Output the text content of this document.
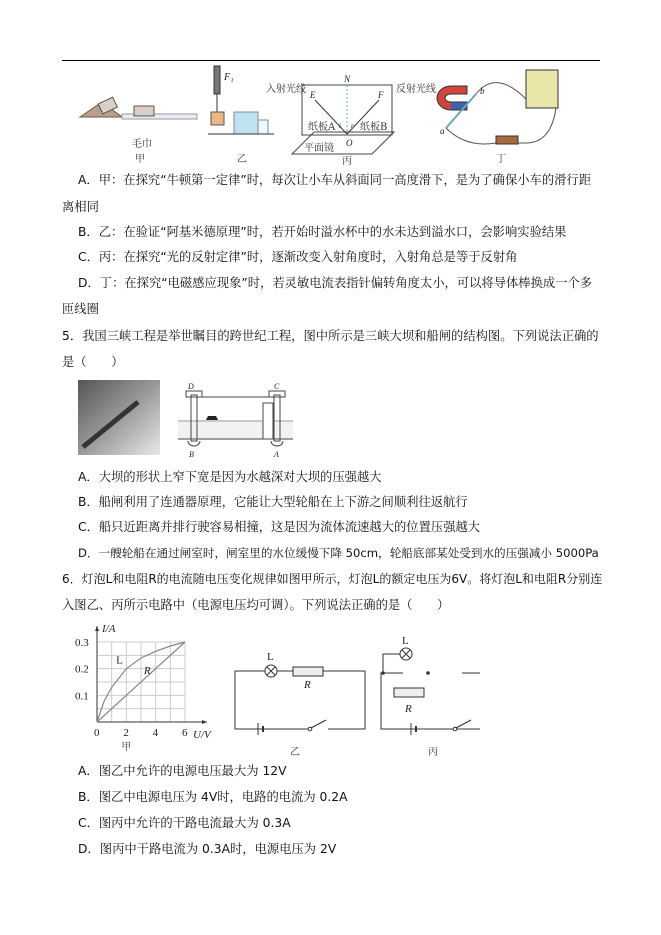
毛巾
甲
F₁
乙
N
E	F
O
i r
入射光线	反射光线
纸板A 纸板B
平面镜
丙
a
b
丁
A．甲：在探究“牛顿第一定律”时，每次让小车从斜面同一高度滑下，是为了确保小车的滑行距
离相同
B．乙：在验证“阿基米德原理”时，若开始时溢水杯中的水未达到溢水口，会影响实验结果
C．丙：在探究“光的反射定律”时，逐渐改变入射角度时，入射角总是等于反射角
D．丁：在探究“电磁感应现象”时，若灵敏电流表指针偏转角度太小，可以将导体棒换成一个多
匝线圈
5．我国三峡工程是举世瞩目的跨世纪工程，图中所示是三峡大坝和船闸的结构图。下列说法正确的
是（　　）
D	C
B	A
A．大坝的形状上窄下宽是因为水越深对大坝的压强越大
B．船闸利用了连通器原理，它能让大型轮船在上下游之间顺利往返航行
C．船只近距离并排行驶容易相撞，这是因为流体流速越大的位置压强越大
D．一艘轮船在通过闸室时，闸室里的水位缓慢下降 50cm，轮船底部某处受到水的压强减小 5000Pa
6．灯泡L和电阻R的电流随电压变化规律如图甲所示，灯泡L的额定电压为6V。将灯泡L和电阻R分别连
入图乙、丙所示电路中（电源电压均可调）。下列说法正确的是（　　）
0 2 4 6
0.1
0.2
0.3
U/V
I/A
L
R
甲
L
R
乙
L
R
丙
A．图乙中允许的电源电压最大为 12V
B．图乙中电源电压为 4V时，电路的电流为 0.2A
C．图丙中允许的干路电流最大为 0.3A
D．图丙中干路电流为 0.3A时，电源电压为 2V
